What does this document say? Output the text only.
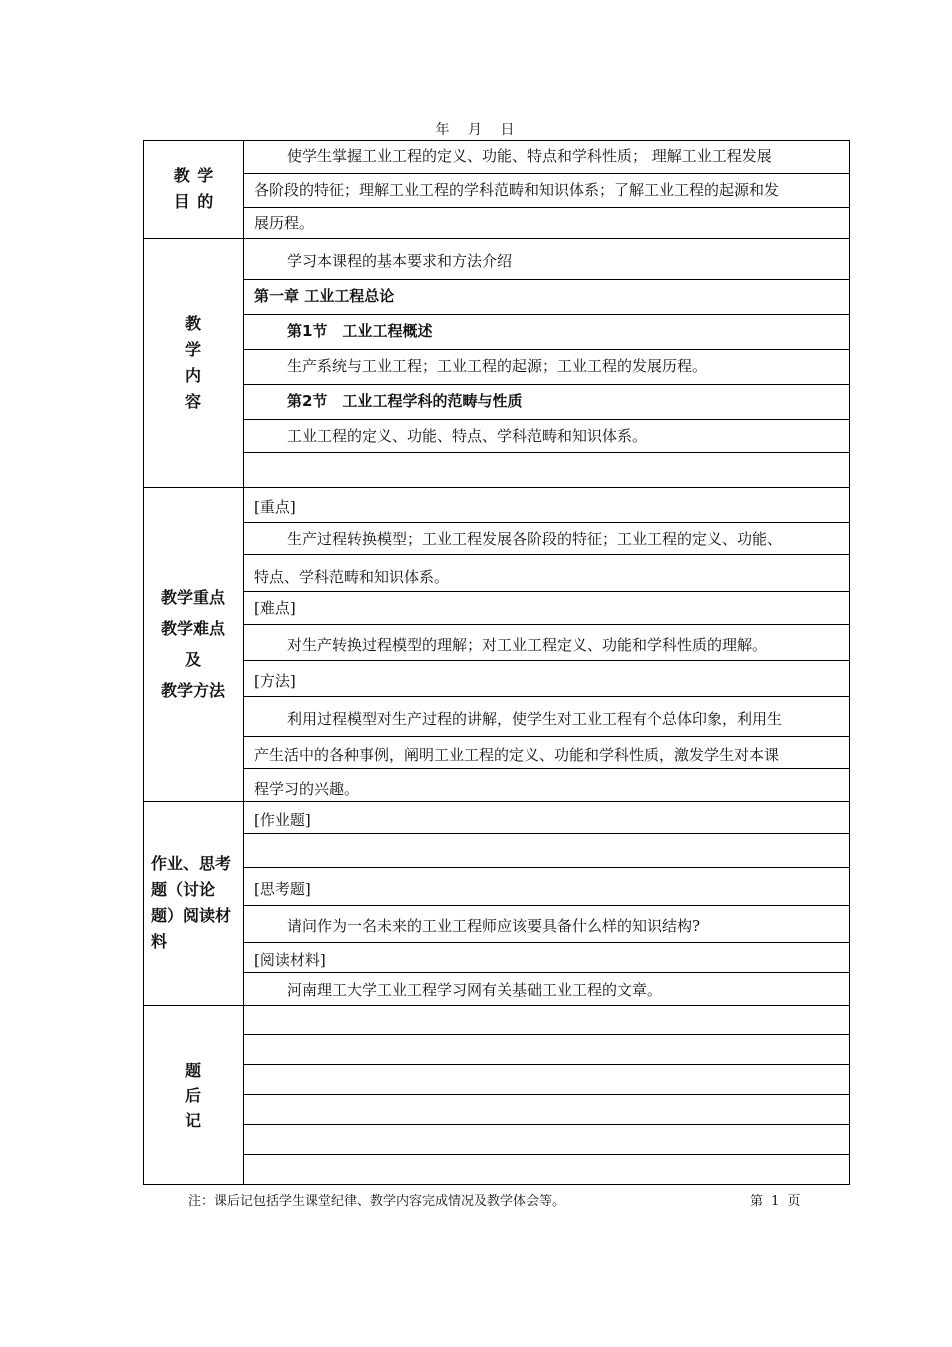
年 月 日
教 学
目 的
使学生掌握工业工程的定义、功能、特点和学科性质； 理解工业工程发展
各阶段的特征；理解工业工程的学科范畴和知识体系；了解工业工程的起源和发
展历程。
教
学
内
容
学习本课程的基本要求和方法介绍
第一章 工业工程总论
第1节　工业工程概述
生产系统与工业工程；工业工程的起源；工业工程的发展历程。
第2节　工业工程学科的范畴与性质
工业工程的定义、功能、特点、学科范畴和知识体系。
教学重点
教学难点
及
教学方法
[重点]
生产过程转换模型；工业工程发展各阶段的特征；工业工程的定义、功能、
特点、学科范畴和知识体系。
[难点]
对生产转换过程模型的理解；对工业工程定义、功能和学科性质的理解。
[方法]
利用过程模型对生产过程的讲解，使学生对工业工程有个总体印象，利用生
产生活中的各种事例，阐明工业工程的定义、功能和学科性质，激发学生对本课
程学习的兴趣。
作业、思考
题（讨论
题）阅读材
料
[作业题]
[思考题]
请问作为一名未来的工业工程师应该要具备什么样的知识结构?
[阅读材料]
河南理工大学工业工程学习网有关基础工业工程的文章。
题
后
记
注：课后记包括学生课堂纪律、教学内容完成情况及教学体会等。	第 1 页
